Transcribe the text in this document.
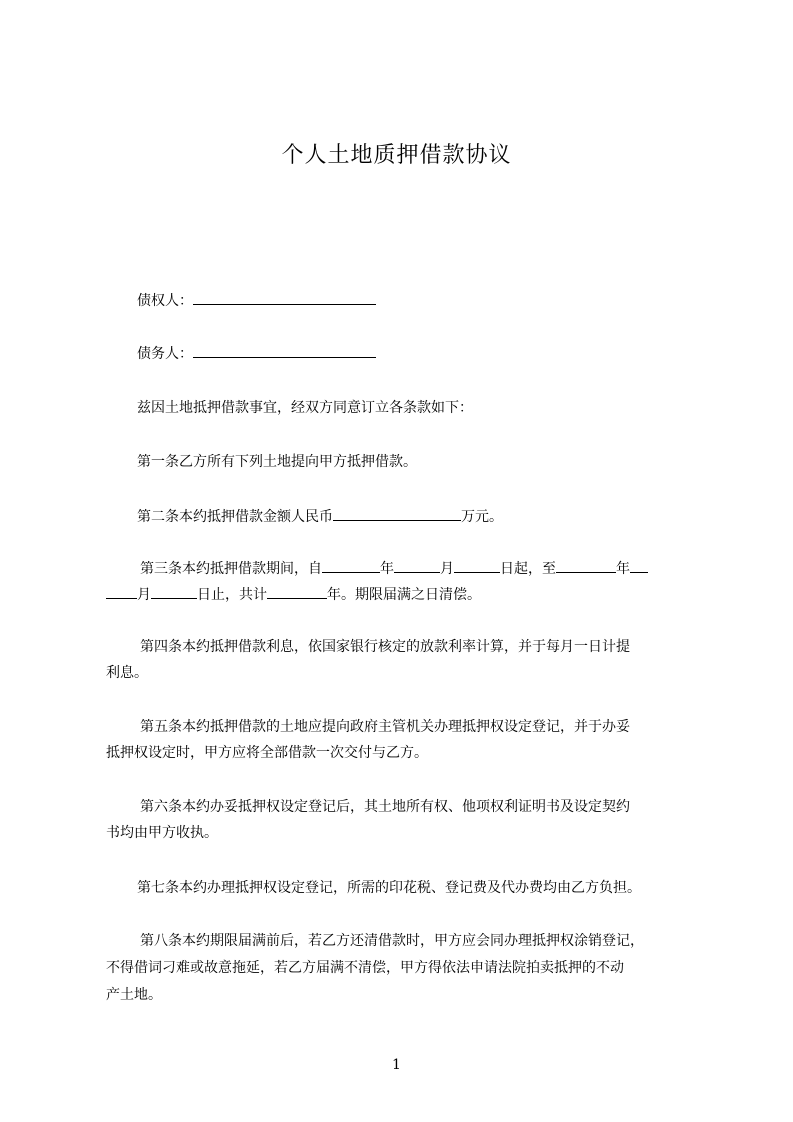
个人土地质押借款协议
债权人：
债务人：
兹因土地抵押借款事宜，经双方同意订立各条款如下：
第一条乙方所有下列土地提向甲方抵押借款。
第二条本约抵押借款金额人民币	万元。
第三条本约抵押借款期间，自	年	月	日起，至	年
月	日止，共计	年。期限届满之日清偿。
第四条本约抵押借款利息，依国家银行核定的放款利率计算，并于每月一日计提
利息。
第五条本约抵押借款的土地应提向政府主管机关办理抵押权设定登记，并于办妥
抵押权设定时，甲方应将全部借款一次交付与乙方。
第六条本约办妥抵押权设定登记后，其土地所有权、他项权利证明书及设定契约
书均由甲方收执。
第七条本约办理抵押权设定登记，所需的印花税、登记费及代办费均由乙方负担。
第八条本约期限届满前后，若乙方还清借款时，甲方应会同办理抵押权涂销登记，
不得借词刁难或故意拖延，若乙方届满不清偿，甲方得依法申请法院拍卖抵押的不动
产土地。
1
